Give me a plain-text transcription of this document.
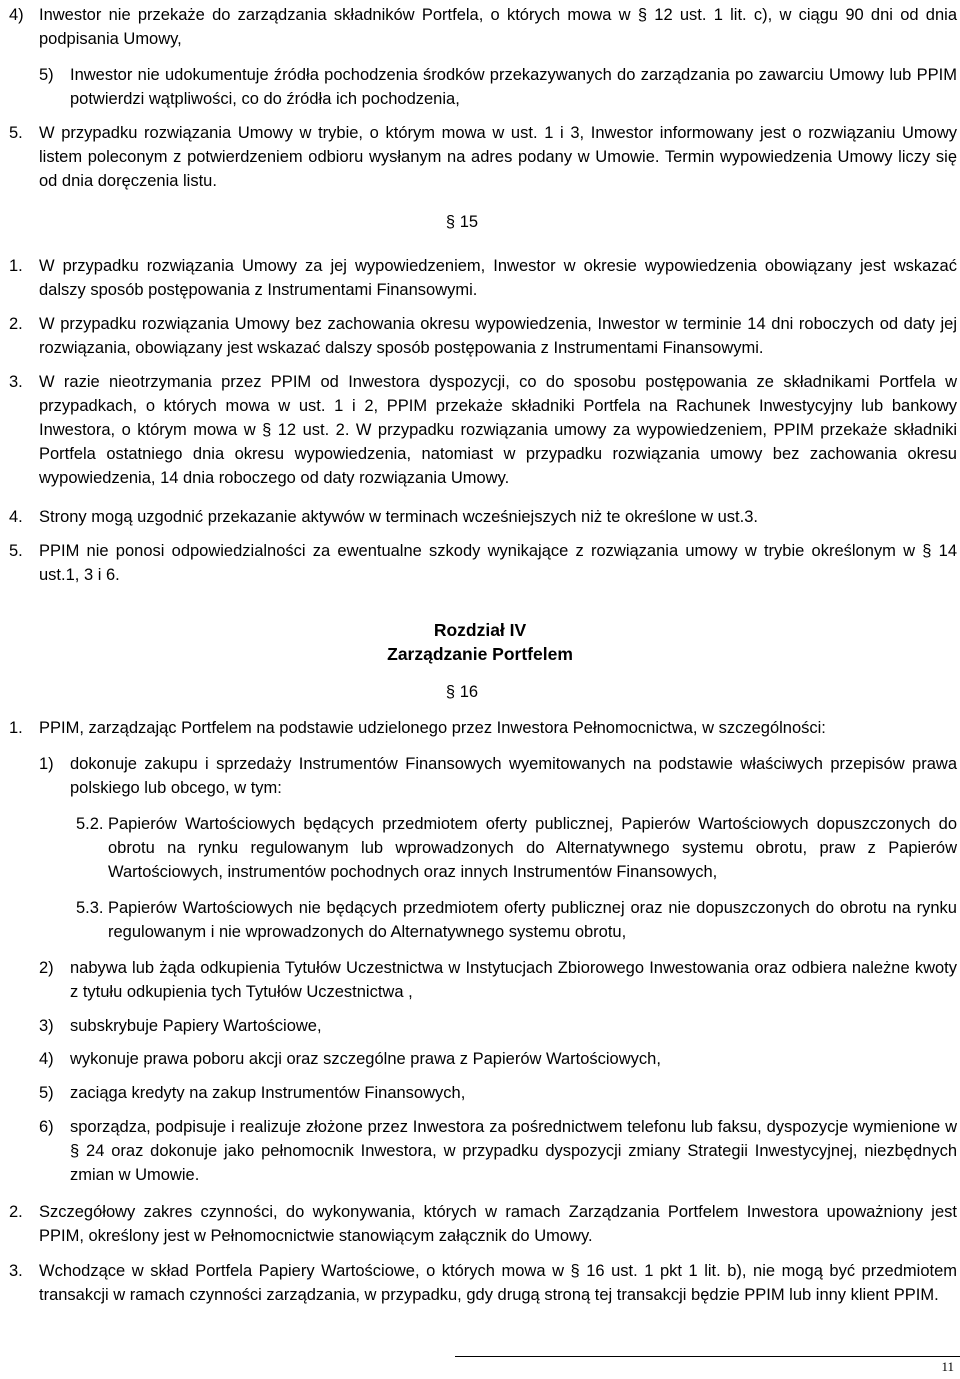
4) Inwestor nie przekaże do zarządzania składników Portfela, o których mowa w § 12 ust. 1 lit. c), w ciągu 90 dni od dnia podpisania Umowy,

5) Inwestor nie udokumentuje źródła pochodzenia środków przekazywanych do zarządzania po zawarciu Umowy lub PPIM potwierdzi wątpliwości, co do źródła ich pochodzenia,

5. W przypadku rozwiązania Umowy w trybie, o którym mowa w ust. 1 i 3, Inwestor informowany jest o rozwiązaniu Umowy listem poleconym z potwierdzeniem odbioru wysłanym na adres podany w Umowie. Termin wypowiedzenia Umowy liczy się od dnia doręczenia listu.

§ 15
1. W przypadku rozwiązania Umowy za jej wypowiedzeniem, Inwestor w okresie wypowiedzenia obowiązany jest wskazać dalszy sposób postępowania z Instrumentami Finansowymi.

2. W przypadku rozwiązania Umowy bez zachowania okresu wypowiedzenia, Inwestor w terminie 14 dni roboczych od daty jej rozwiązania, obowiązany jest wskazać dalszy sposób postępowania z Instrumentami Finansowymi.

3. W razie nieotrzymania przez PPIM od Inwestora dyspozycji, co do sposobu postępowania ze składnikami Portfela w przypadkach, o których mowa w ust. 1 i 2, PPIM przekaże składniki Portfela na Rachunek Inwestycyjny lub bankowy Inwestora, o którym mowa w § 12 ust. 2. W przypadku rozwiązania umowy za wypowiedzeniem, PPIM przekaże składniki Portfela ostatniego dnia okresu wypowiedzenia, natomiast w przypadku rozwiązania umowy bez zachowania okresu wypowiedzenia, 14 dnia roboczego od daty rozwiązania Umowy.

4. Strony mogą uzgodnić przekazanie aktywów w terminach wcześniejszych niż te określone w ust.3.

5. PPIM nie ponosi odpowiedzialności za ewentualne szkody wynikające z rozwiązania umowy w trybie określonym w § 14 ust.1, 3 i 6.

Rozdział IV
Zarządzanie Portfelem
§ 16
1. PPIM, zarządzając Portfelem na podstawie udzielonego przez Inwestora Pełnomocnictwa, w szczególności:

1) dokonuje zakupu i sprzedaży Instrumentów Finansowych wyemitowanych na podstawie właściwych przepisów prawa polskiego lub obcego, w tym:

5.2. Papierów Wartościowych będących przedmiotem oferty publicznej, Papierów Wartościowych dopuszczonych do obrotu na rynku regulowanym lub wprowadzonych do Alternatywnego systemu obrotu, praw z Papierów Wartościowych, instrumentów pochodnych oraz innych Instrumentów Finansowych,

5.3. Papierów Wartościowych nie będących przedmiotem oferty publicznej oraz nie dopuszczonych do obrotu na rynku regulowanym i nie wprowadzonych do Alternatywnego systemu obrotu,

2) nabywa lub żąda odkupienia Tytułów Uczestnictwa w Instytucjach Zbiorowego Inwestowania oraz odbiera należne kwoty z tytułu odkupienia tych Tytułów Uczestnictwa ,

3) subskrybuje Papiery Wartościowe,

4) wykonuje prawa poboru akcji oraz szczególne prawa z Papierów Wartościowych,

5) zaciąga kredyty na zakup Instrumentów Finansowych,

6) sporządza, podpisuje i realizuje złożone przez Inwestora za pośrednictwem telefonu lub faksu, dyspozycje wymienione w § 24 oraz dokonuje jako pełnomocnik Inwestora, w przypadku dyspozycji zmiany Strategii Inwestycyjnej, niezbędnych zmian w Umowie.

2. Szczegółowy zakres czynności, do wykonywania, których w ramach Zarządzania Portfelem Inwestora upoważniony jest PPIM, określony jest w Pełnomocnictwie stanowiącym załącznik do Umowy.

3. Wchodzące w skład Portfela Papiery Wartościowe, o których mowa w § 16 ust. 1 pkt 1 lit. b), nie mogą być przedmiotem transakcji w ramach czynności zarządzania, w przypadku, gdy drugą stroną tej transakcji będzie PPIM lub inny klient PPIM.

11
